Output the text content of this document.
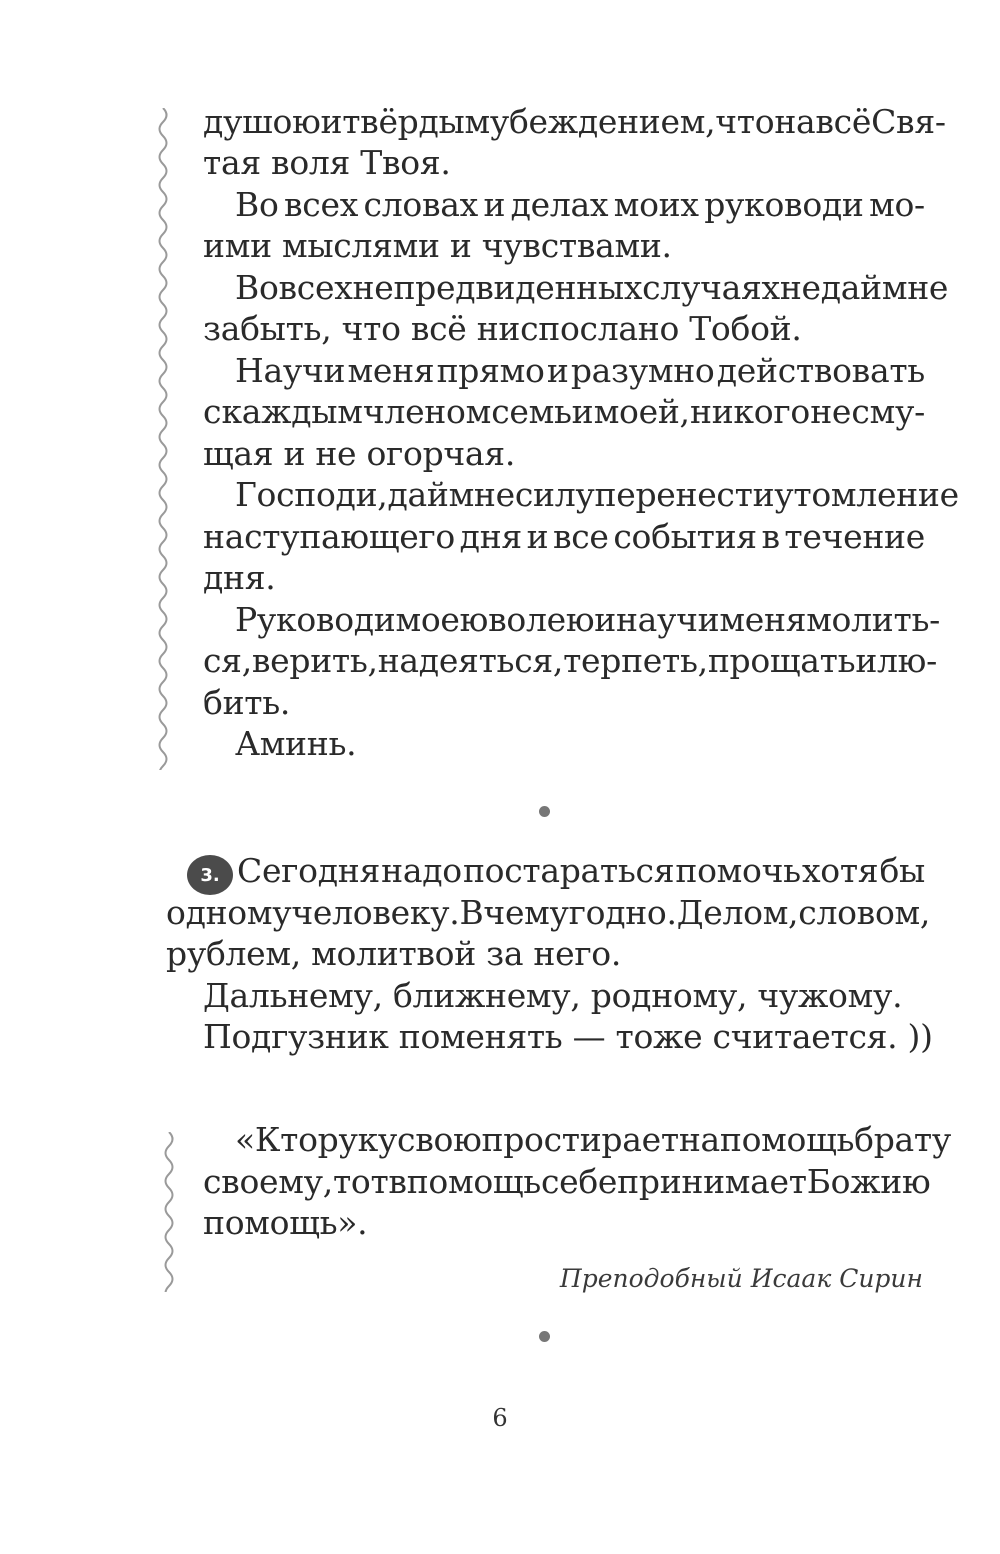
душою и твёрдым убеждением, что на всё Свя-
тая воля Твоя.
Во всех словах и делах моих руководи мо-
ими мыслями и чувствами.
Во всех непредвиденных случаях не дай мне
забыть, что всё ниспослано Тобой.
Научи меня прямо и разумно действовать
с каждым членом семьи моей, никого не сму-
щая и не огорчая.
Господи, дай мне силу перенести утомление
наступающего дня и все события в течение
дня.
Руководи моею волею и научи меня молить-
ся, верить, надеяться, терпеть, прощать и лю-
бить.
Аминь.
3. Сегодня надо постараться помочь хотя бы
одному человеку. В чем угодно. Делом, словом,
рублем, молитвой за него.
Дальнему, ближнему, родному, чужому.
Подгузник поменять — тоже считается. ))
«Кто руку свою простирает на помощь брату
своему, тот в помощь себе принимает Божию
помощь».
Преподобный Исаак Сирин
6
